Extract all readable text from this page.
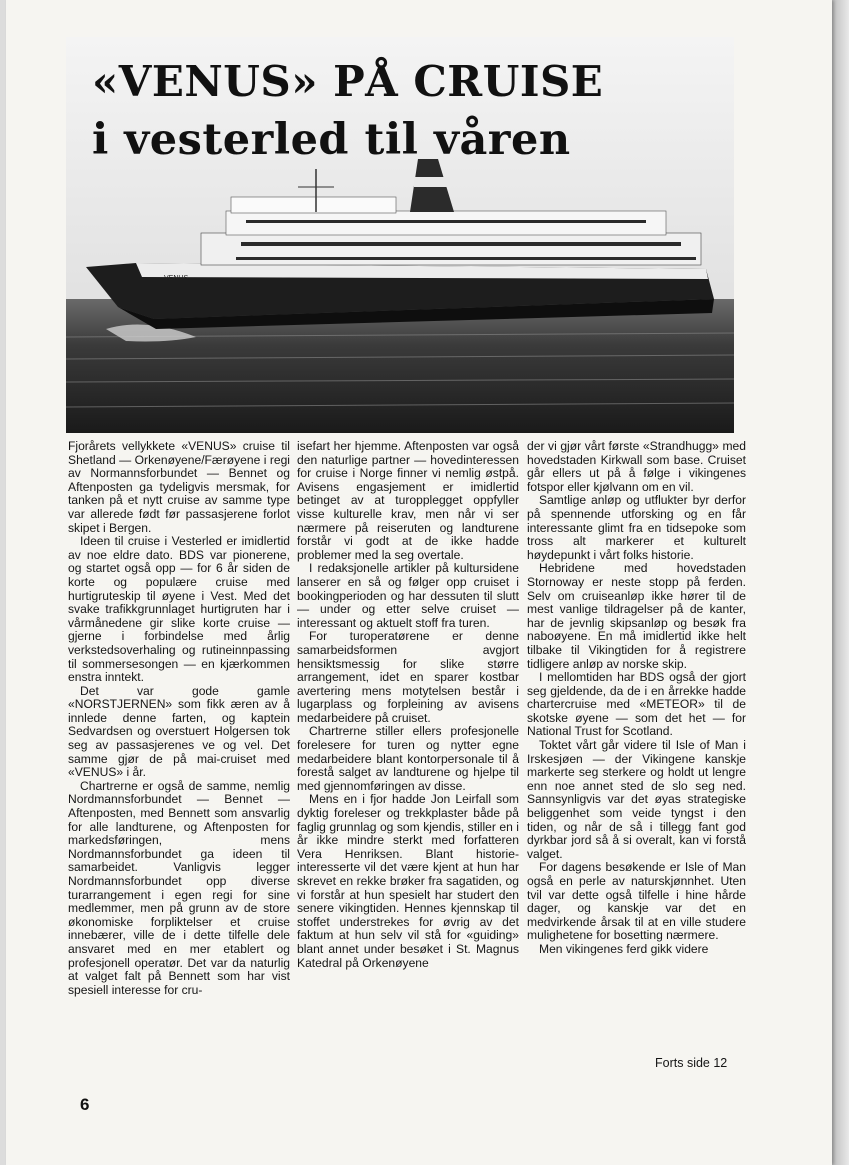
VENUS
«VENUS» PÅ CRUISE
i vesterled til våren

Fjorårets vellykkete «VENUS» cruise til Shetland — Orkenøyene/Færøyene i regi av Normannsforbundet — Bennet og Aftenposten ga tydeligvis mersmak, for tanken på et nytt cruise av samme type var allerede født før passasjerene forlot skipet i Bergen.

Ideen til cruise i Vesterled er imidlertid av noe eldre dato. BDS var pionerene, og startet også opp — for 6 år siden de korte og populære cruise med hurtigruteskip til øyene i Vest. Med det svake trafikkgrunnlaget hurtigruten har i vårmånedene gir slike korte cruise — gjerne i forbindelse med årlig verkstedsoverhaling og rutineinnpassing til sommersesongen — en kjærkommen enstra inntekt.

Det var gode gamle «NORSTJERNEN» som fikk æren av å innlede denne farten, og kaptein Sedvardsen og overstuert Holgersen tok seg av passasjerenes ve og vel. Det samme gjør de på mai-cruiset med «VENUS» i år.

Chartrerne er også de samme, nemlig Nordmannsforbundet — Bennet — Aftenposten, med Bennett som ansvarlig for alle landturene, og Aftenposten for markedsføringen, mens Nordmannsforbundet ga ideen til samarbeidet. Vanligvis legger Nordmannsforbundet opp diverse turarrangement i egen regi for sine medlemmer, men på grunn av de store økonomiske forpliktelser et cruise innebærer, ville de i dette tilfelle dele ansvaret med en mer etablert og profesjonell operatør. Det var da naturlig at valget falt på Bennett som har vist spesiell interesse for cru-

isefart her hjemme. Aftenposten var også den naturlige partner — hovedinteressen for cruise i Norge finner vi nemlig østpå. Avisens engasjement er imidlertid betinget av at turopplegget oppfyller visse kulturelle krav, men når vi ser nærmere på reiseruten og landturene forstår vi godt at de ikke hadde problemer med la seg overtale.

I redaksjonelle artikler på kultursidene lanserer en så og følger opp cruiset i bookingperioden og har dessuten til slutt — under og etter selve cruiset — interessant og aktuelt stoff fra turen.

For turoperatørene er denne samarbeidsformen avgjort hensiktsmessig for slike større arrangement, idet en sparer kostbar avertering mens motytelsen består i lugarplass og forpleining av avisens medarbeidere på cruiset.

Chartrerne stiller ellers profesjonelle forelesere for turen og nytter egne medarbeidere blant kontorpersonale til å forestå salget av landturene og hjelpe til med gjennomføringen av disse.

Mens en i fjor hadde Jon Leirfall som dyktig foreleser og trekkplaster både på faglig grunnlag og som kjendis, stiller en i år ikke mindre sterkt med forfatteren Vera Henriksen. Blant historie-interesserte vil det være kjent at hun har skrevet en rekke brøker fra sagatiden, og vi forstår at hun spesielt har studert den senere vikingtiden. Hennes kjennskap til stoffet understrekes for øvrig av det faktum at hun selv vil stå for «guiding» blant annet under besøket i St. Magnus Katedral på Orkenøyene

der vi gjør vårt første «Strandhugg» med hovedstaden Kirkwall som base. Cruiset går ellers ut på å følge i vikingenes fotspor eller kjølvann om en vil.

Samtlige anløp og utflukter byr derfor på spennende utforsking og en får interessante glimt fra en tidsepoke som tross alt markerer et kulturelt høydepunkt i vårt folks historie.

Hebridene med hovedstaden Stornoway er neste stopp på ferden. Selv om cruiseanløp ikke hører til de mest vanlige tildragelser på de kanter, har de jevnlig skipsanløp og besøk fra naboøyene. En må imidlertid ikke helt tilbake til Vikingtiden for å registrere tidligere anløp av norske skip.

I mellomtiden har BDS også der gjort seg gjeldende, da de i en årrekke hadde chartercruise med «METEOR» til de skotske øyene — som det het — for National Trust for Scotland.

Toktet vårt går videre til Isle of Man i Irskesjøen — der Vikingene kanskje markerte seg sterkere og holdt ut lengre enn noe annet sted de slo seg ned. Sannsynligvis var det øyas strategiske beliggenhet som veide tyngst i den tiden, og når de så i tillegg fant god dyrkbar jord så å si overalt, kan vi forstå valget.

For dagens besøkende er Isle of Man også en perle av naturskjønnhet. Uten tvil var dette også tilfelle i hine hårde dager, og kanskje var det en medvirkende årsak til at en ville studere mulighetene for bosetting nærmere.

Men vikingenes ferd gikk videre

Forts side 12
6
